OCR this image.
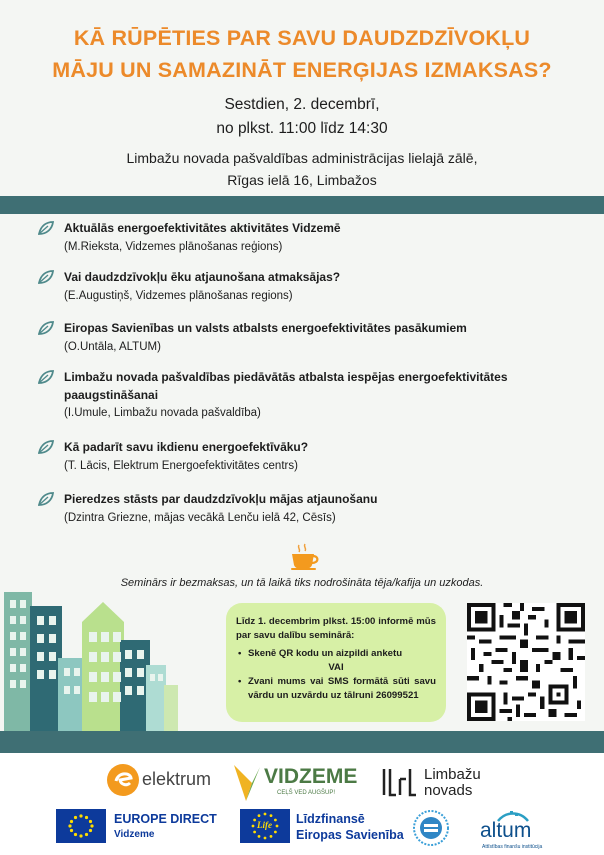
KĀ RŪPĒTIES PAR SAVU DAUDZDZĪVOKĻU
MĀJU UN SAMAZINĀT ENERĢIJAS IZMAKSAS?
Sestdien, 2. decembrī,
no plkst. 11:00 līdz 14:30
Limbažu novada pašvaldības administrācijas lielajā zālē,
Rīgas ielā 16, Limbažos
Aktuālās energoefektivitātes aktivitātes Vidzemē
(M.Rieksta, Vidzemes plānošanas reģions)
Vai daudzdzīvokļu ēku atjaunošana atmaksājas?
(E.Augustiņš, Vidzemes plānošanas regions)
Eiropas Savienības un valsts atbalsts energoefektivitātes pasākumiem
(O.Untāla, ALTUM)
Limbažu novada pašvaldības piedāvātās atbalsta iespējas energoefektivitātes paaugstināšanai
(I.Umule, Limbažu novada pašvaldība)
Kā padarīt savu ikdienu energoefektīvāku?
(T. Lācis, Elektrum Energoefektivitātes centrs)
Pieredzes stāsts par daudzdzīvokļu mājas atjaunošanu
(Dzintra Griezne, mājas vecākā Lenču ielā 42, Cēsīs)
Seminārs ir bezmaksas, un tā laikā tiks nodrošināta tēja/kafija un uzkodas.
Līdz 1. decembrim plkst. 15:00 informē mūs par savu dalību seminārā:
• Skenē QR kodu un aizpildi anketu
VAI
• Zvani mums vai SMS formātā sūti savu vārdu un uzvārdu uz tālruni 26099521
elektrum	VIDZEME
CEĻŠ VED AUGŠUP!
Limbažu
novads
EUROPE DIRECT
Vidzeme
Life Līdzfinansē
Eiropas Savienība	altum
Attīstības finanšu institūcija
